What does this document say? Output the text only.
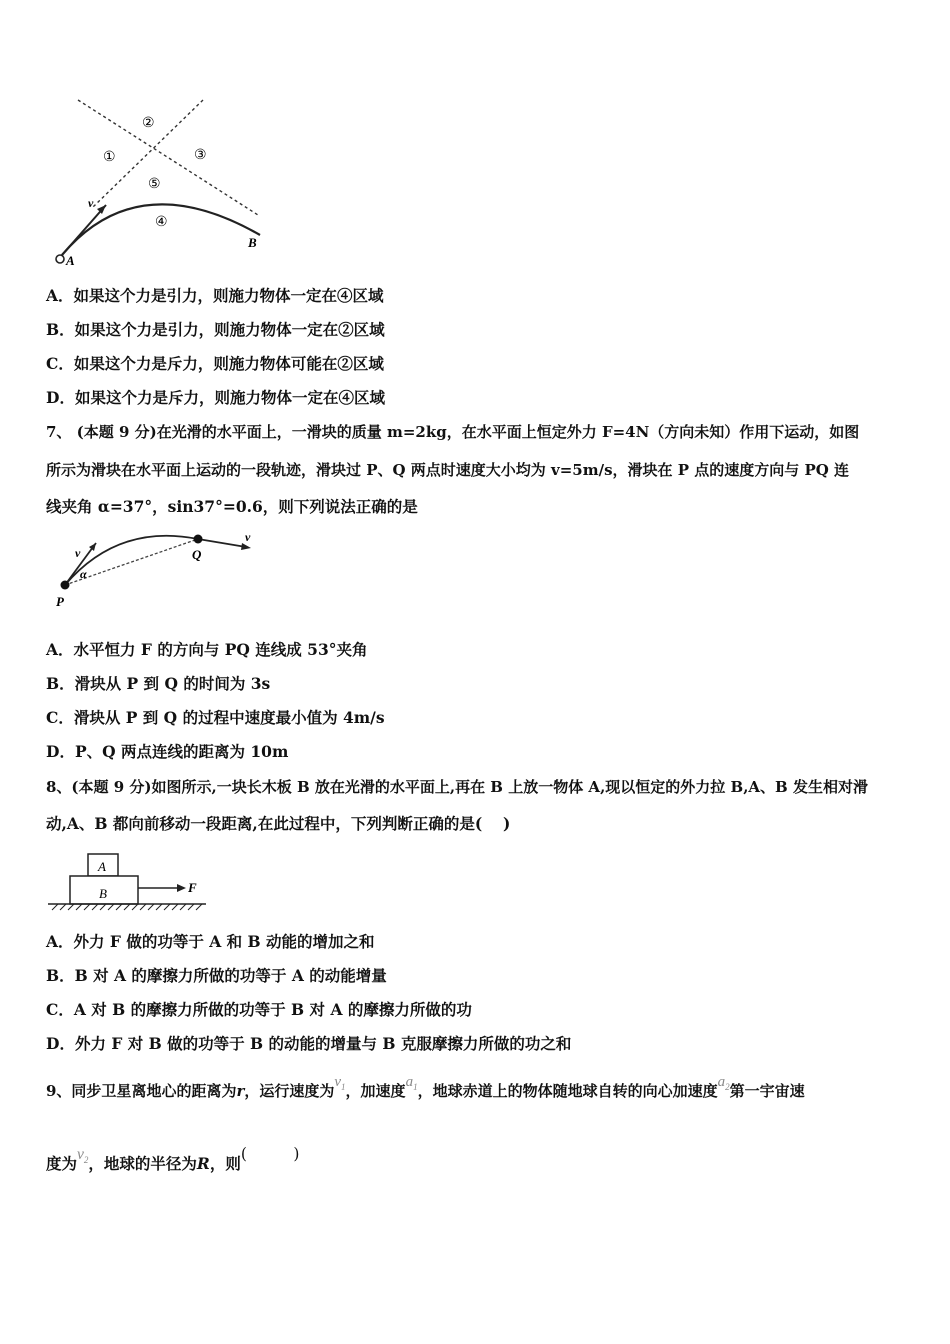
①
②
③
⑤
④
v
A
B
A．如果这个力是引力，则施力物体一定在④区域
B．如果这个力是引力，则施力物体一定在②区域
C．如果这个力是斥力，则施力物体可能在②区域
D．如果这个力是斥力，则施力物体一定在④区域
7、 (本题 9 分)在光滑的水平面上，一滑块的质量 m=2kg，在水平面上恒定外力 F=4N（方向未知）作用下运动，如图
所示为滑块在水平面上运动的一段轨迹，滑块过 P、Q 两点时速度大小均为 v=5m/s，滑块在 P 点的速度方向与 PQ 连
线夹角 α=37°，sin37°=0.6，则下列说法正确的是
α
v
v
P
Q
A．水平恒力 F 的方向与 PQ 连线成 53°夹角
B．滑块从 P 到 Q 的时间为 3s
C．滑块从 P 到 Q 的过程中速度最小值为 4m/s
D．P、Q 两点连线的距离为 10m
8、(本题 9 分)如图所示,一块长木板 B 放在光滑的水平面上,再在 B 上放一物体 A,现以恒定的外力拉 B,A、B 发生相对滑
动,A、B 都向前移动一段距离,在此过程中，下列判断正确的是(　 )
A
B	F
A．外力 F 做的功等于 A 和 B 动能的增加之和
B．B 对 A 的摩擦力所做的功等于 A 的动能增量
C．A 对 B 的摩擦力所做的功等于 B 对 A 的摩擦力所做的功
D．外力 F 对 B 做的功等于 B 的动能的增量与 B 克服摩擦力所做的功之和
9、同步卫星离地心的距离为r，运行速度为$v_1$，加速度$a_1$，地球赤道上的物体随地球自转的向心加速度$a_2$第一宇宙速
度为$v_2$，地球的半径为R，则(　　　)
